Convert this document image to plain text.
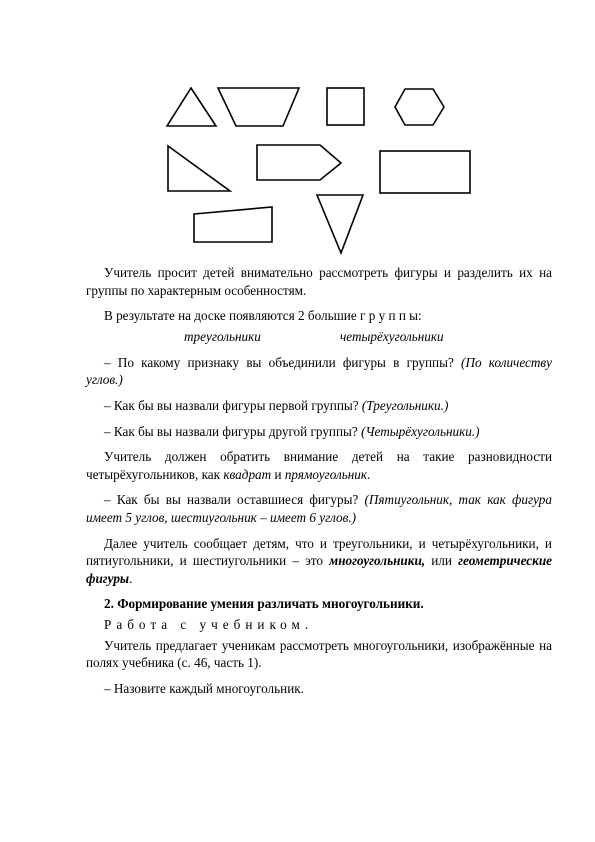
Учитель просит детей внимательно рассмотреть фигуры и разделить их на группы по характерным особенностям.

В результате на доске появляются 2 большие г р у п п ы:

треугольники	четырёхугольники

– По какому признаку вы объединили фигуры в группы? (По количеству углов.)

– Как бы вы назвали фигуры первой группы? (Треугольники.)

– Как бы вы назвали фигуры другой группы? (Четырёхугольники.)

Учитель должен обратить внимание детей на такие разновидности четырёхугольников, как квадрат и прямоугольник.

– Как бы вы назвали оставшиеся фигуры? (Пятиугольник, так как фигура имеет 5 углов, шестиугольник – имеет 6 углов.)

Далее учитель сообщает детям, что и треугольники, и четырёхугольники, и пятиугольники, и шестиугольники – это многоугольники, или геометрические фигуры.

2. Формирование умения различать многоугольники.

Работа с учебником.

Учитель предлагает ученикам рассмотреть многоугольники, изображённые на полях учебника (с. 46, часть 1).

– Назовите каждый многоугольник.
